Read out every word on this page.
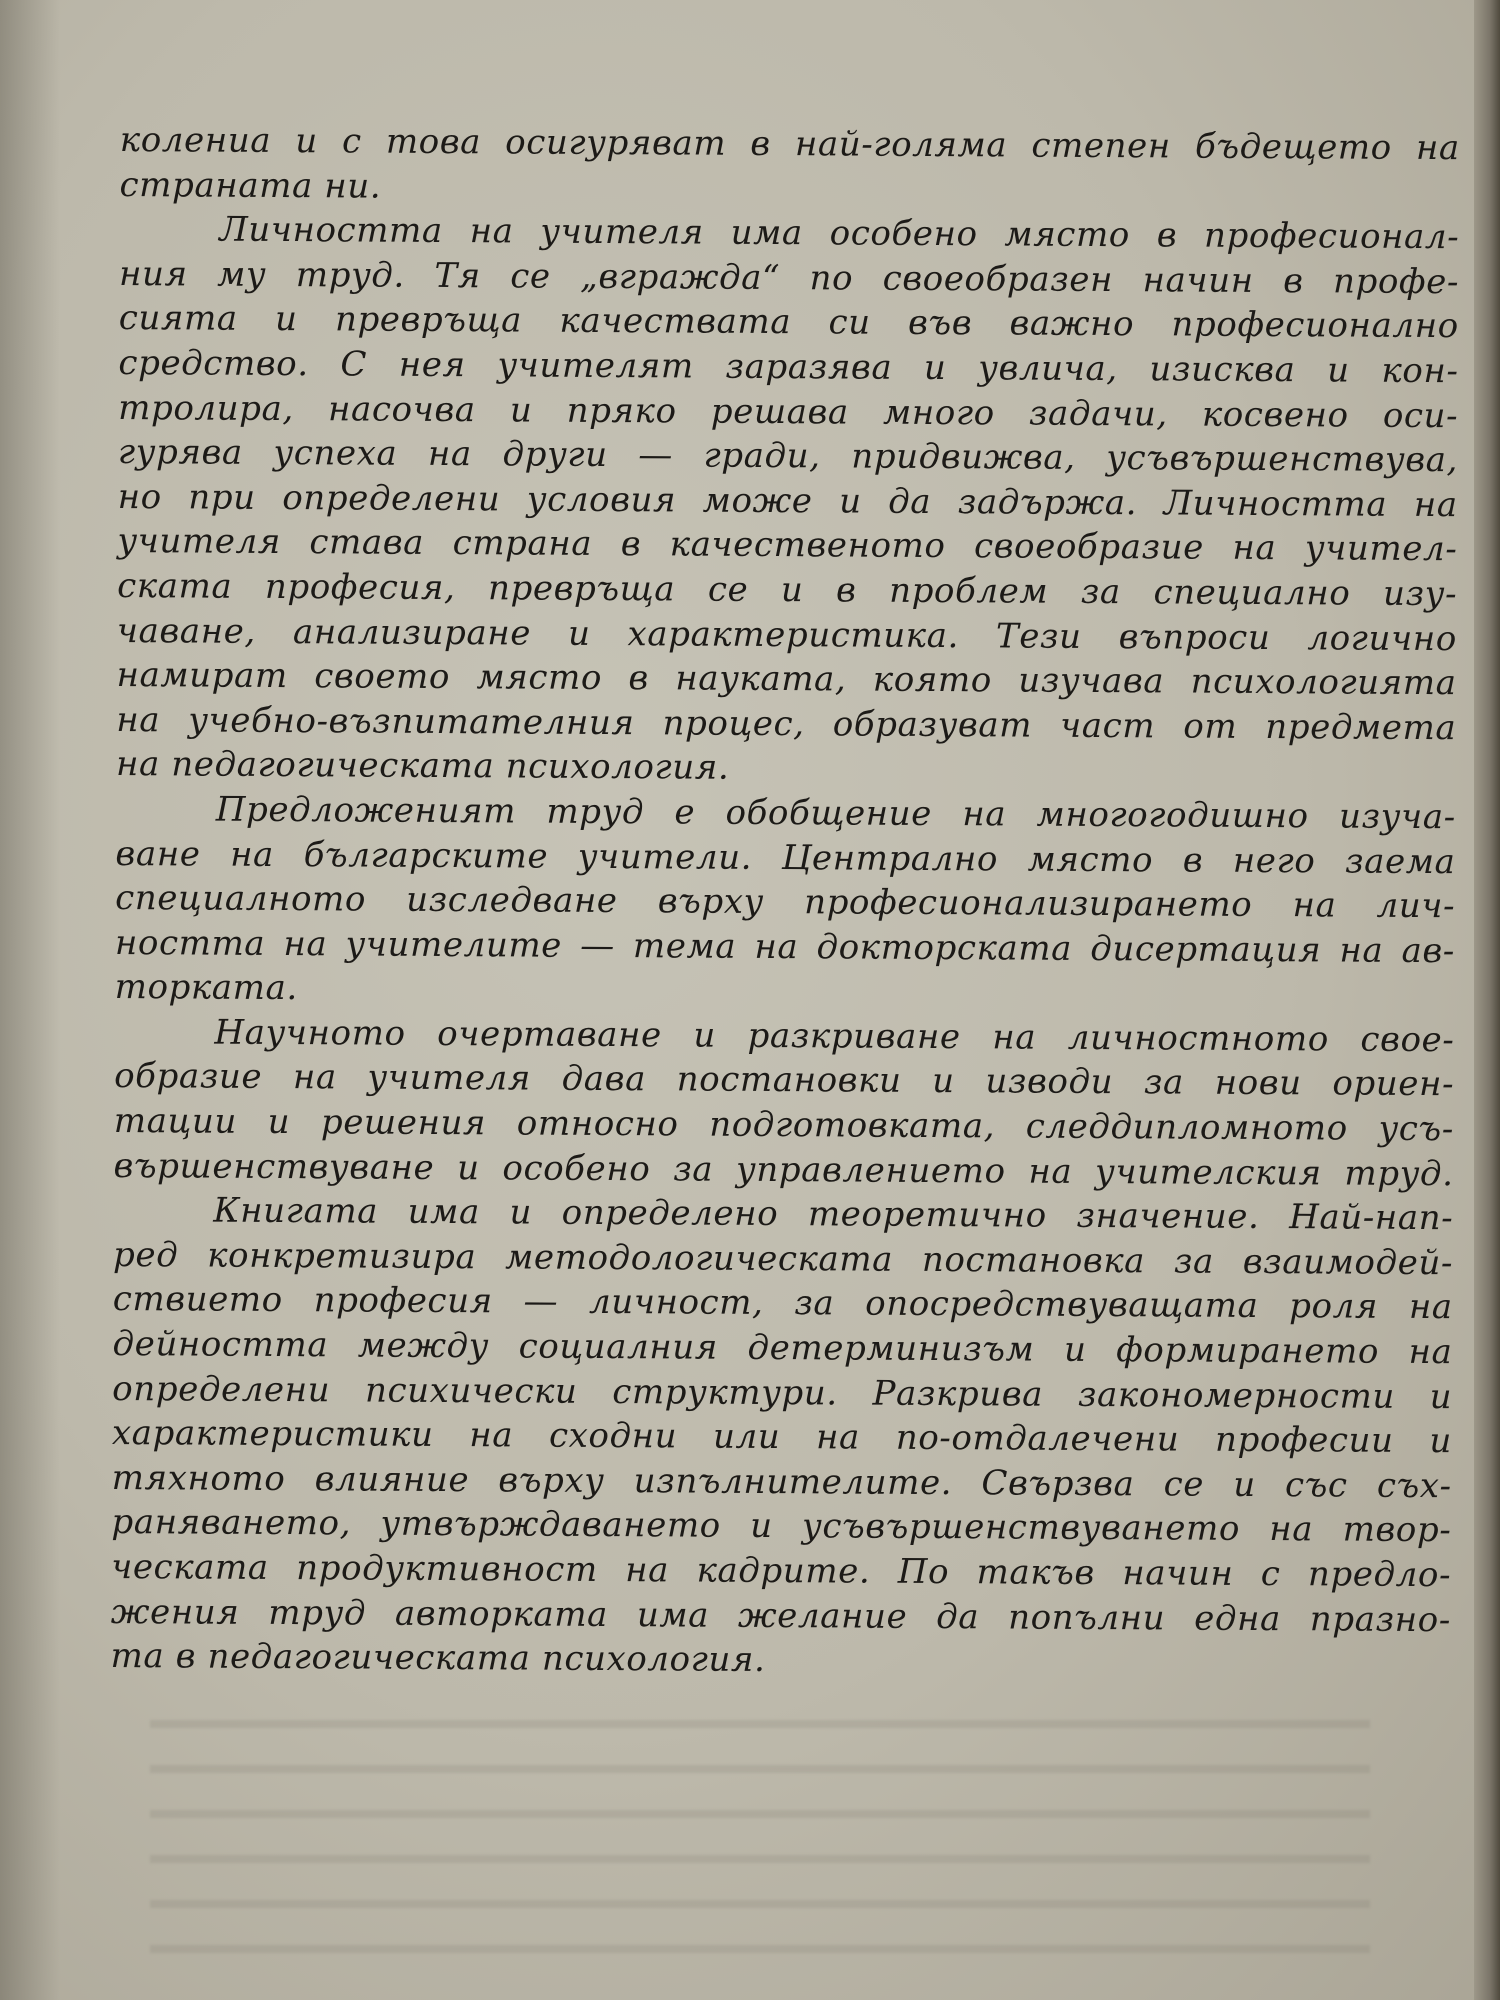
колениа и с това осигуряват в най-голяма степен бъдещето на
страната ни.
Личността на учителя има особено място в професионал-
ния му труд. Тя се „вгражда“ по своеобразен начин в профе-
сията и превръща качествата си във важно професионално
средство. С нея учителят заразява и увлича, изисква и кон-
тролира, насочва и пряко решава много задачи, косвено оси-
гурява успеха на други — гради, придвижва, усъвършенствува,
но при определени условия може и да задържа. Личността на
учителя става страна в качественото своеобразие на учител-
ската професия, превръща се и в проблем за специално изу-
чаване, анализиране и характеристика. Тези въпроси логично
намират своето място в науката, която изучава психологията
на учебно-възпитателния процес, образуват част от предмета
на педагогическата психология.
Предложеният труд е обобщение на многогодишно изуча-
ване на българските учители. Централно място в него заема
специалното изследване върху професионализирането на лич-
ността на учителите — тема на докторската дисертация на ав-
торката.
Научното очертаване и разкриване на личностното свое-
образие на учителя дава постановки и изводи за нови ориен-
тации и решения относно подготовката, следдипломното усъ-
вършенствуване и особено за управлението на учителския труд.
Книгата има и определено теоретично значение. Най-нап-
ред конкретизира методологическата постановка за взаимодей-
ствието професия — личност, за опосредствуващата роля на
дейността между социалния детерминизъм и формирането на
определени психически структури. Разкрива закономерности и
характеристики на сходни или на по-отдалечени професии и
тяхното влияние върху изпълнителите. Свързва се и със съх-
раняването, утвърждаването и усъвършенствуването на твор-
ческата продуктивност на кадрите. По такъв начин с предло-
жения труд авторката има желание да попълни една празно-
та в педагогическата психология.
